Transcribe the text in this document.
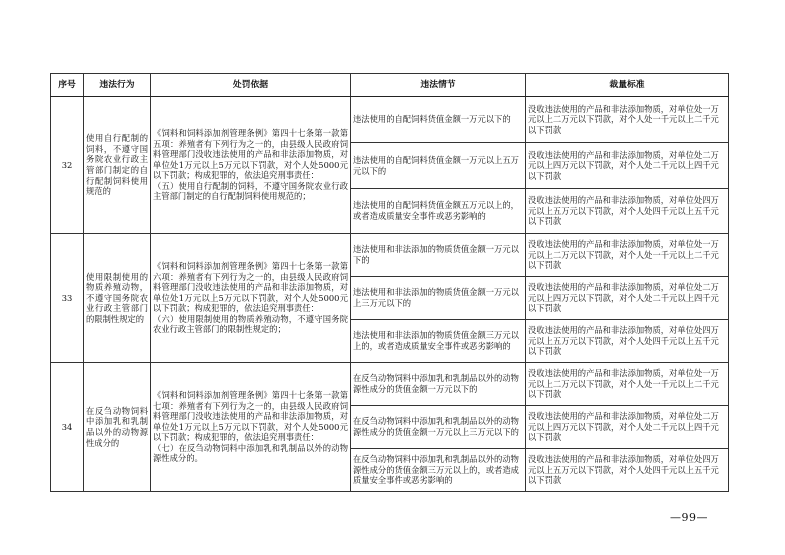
序号	违法行为	处罚依据	违法情节	裁量标准
32	使用自行配制的饲料，不遵守国务院农业行政主管部门制定的自行配制饲料使用规范的	《饲料和饲料添加剂管理条例》第四十七条第一款第五项：养殖者有下列行为之一的，由县级人民政府饲料管理部门没收违法使用的产品和非法添加物质，对单位处1万元以上5万元以下罚款，对个人处5000元以下罚款；构成犯罪的，依法追究刑事责任：
（五）使用自行配制的饲料，不遵守国务院农业行政主管部门制定的自行配制饲料使用规范的；	违法使用的自配饲料货值金额一万元以下的	没收违法使用的产品和非法添加物质，对单位处一万元以上二万元以下罚款，对个人处一千元以上二千元以下罚款
			违法使用的自配饲料货值金额一万元以上五万元以下的	没收违法使用的产品和非法添加物质，对单位处二万元以上四万元以下罚款，对个人处二千元以上四千元以下罚款
			违法使用的自配饲料货值金额五万元以上的，或者造成质量安全事件或恶劣影响的	没收违法使用的产品和非法添加物质，对单位处四万元以上五万元以下罚款，对个人处四千元以上五千元以下罚款
33	使用限制使用的物质养殖动物，不遵守国务院农业行政主管部门的限制性规定的	《饲料和饲料添加剂管理条例》第四十七条第一款第六项：养殖者有下列行为之一的，由县级人民政府饲料管理部门没收违法使用的产品和非法添加物质，对单位处1万元以上5万元以下罚款，对个人处5000元以下罚款；构成犯罪的，依法追究刑事责任：
（六）使用限制使用的物质养殖动物，不遵守国务院农业行政主管部门的限制性规定的；	违法使用和非法添加的物质货值金额一万元以下的	没收违法使用的产品和非法添加物质，对单位处一万元以上二万元以下罚款，对个人处一千元以上二千元以下罚款
			违法使用和非法添加的物质货值金额一万元以上三万元以下的	没收违法使用的产品和非法添加物质，对单位处二万元以上四万元以下罚款，对个人处二千元以上四千元以下罚款
			违法使用和非法添加的物质货值金额三万元以上的，或者造成质量安全事件或恶劣影响的	没收违法使用的产品和非法添加物质，对单位处四万元以上五万元以下罚款，对个人处四千元以上五千元以下罚款
34	在反刍动物饲料中添加乳和乳制品以外的动物源性成分的	《饲料和饲料添加剂管理条例》第四十七条第一款第七项：养殖者有下列行为之一的，由县级人民政府饲料管理部门没收违法使用的产品和非法添加物质，对单位处1万元以上5万元以下罚款，对个人处5000元以下罚款；构成犯罪的，依法追究刑事责任：
（七）在反刍动物饲料中添加乳和乳制品以外的动物源性成分的。	在反刍动物饲料中添加乳和乳制品以外的动物源性成分的货值金额一万元以下的	没收违法使用的产品和非法添加物质，对单位处一万元以上二万元以下罚款，对个人处一千元以上二千元以下罚款
			在反刍动物饲料中添加乳和乳制品以外的动物源性成分的货值金额一万元以上三万元以下的	没收违法使用的产品和非法添加物质，对单位处二万元以上四万元以下罚款，对个人处二千元以上四千元以下罚款
			在反刍动物饲料中添加乳和乳制品以外的动物源性成分的货值金额三万元以上的，或者造成质量安全事件或恶劣影响的	没收违法使用的产品和非法添加物质，对单位处四万元以上五万元以下罚款，对个人处四千元以上五千元以下罚款
—99—
